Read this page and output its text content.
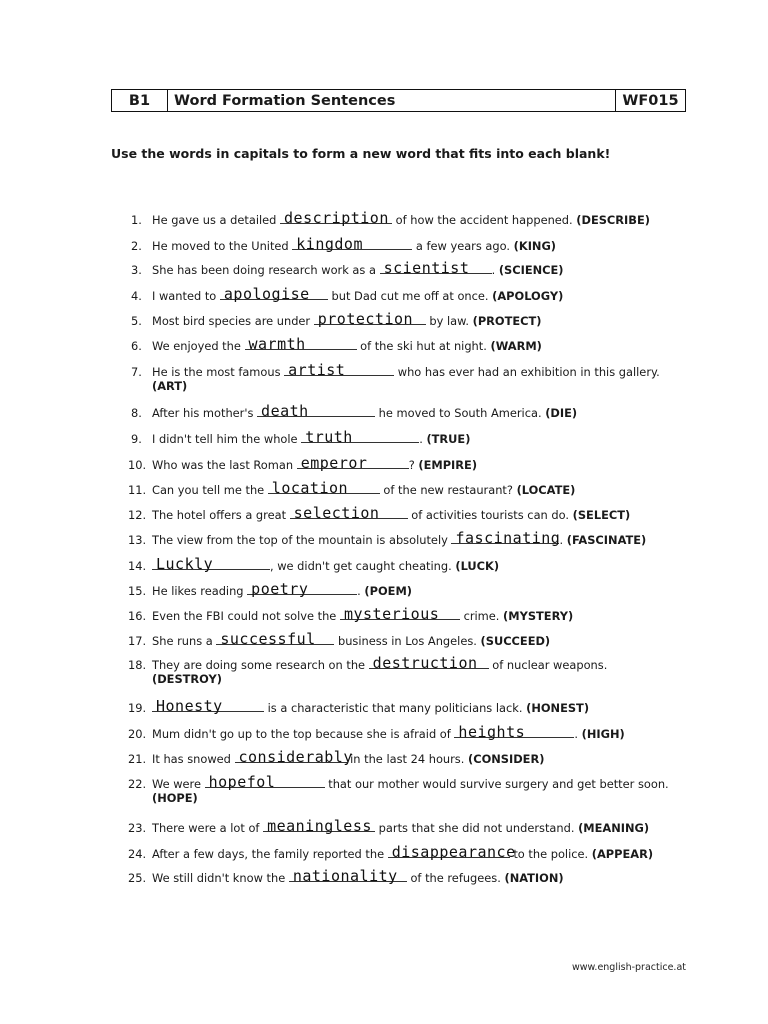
B1	Word Formation Sentences	WF015
Use the words in capitals to form a new word that fits into each blank!
1. He gave us a detailed description of how the accident happened. (DESCRIBE)
2. He moved to the United kingdom	a few years ago. (KING)
3. She has been doing research work as a scientist . (SCIENCE)
4. I wanted to apologise but Dad cut me off at once. (APOLOGY)
5. Most bird species are under protection by law. (PROTECT)
6. We enjoyed the warmth	of the ski hut at night. (WARM)
7. He is the most famous artist	who has ever had an exhibition in this gallery.
(ART)
8. After his mother's death	he moved to South America. (DIE)
9. I didn't tell him the whole truth	. (TRUE)
10. Who was the last Roman emperor	? (EMPIRE)
11. Can you tell me the location	of the new restaurant? (LOCATE)
12. The hotel offers a great selection of activities tourists can do. (SELECT)
13. The view from the top of the mountain is absolutely fascinating . (FASCINATE)
14. Luckly	, we didn't get caught cheating. (LUCK)
15. He likes reading poetry	. (POEM)
16. Even the FBI could not solve the mysterious crime. (MYSTERY)
17. She runs a successful business in Los Angeles. (SUCCEED)
18. They are doing some research on the destruction of nuclear weapons.
(DESTROY)
19. Honesty	is a characteristic that many politicians lack. (HONEST)
20. Mum didn't go up to the top because she is afraid of heights	. (HIGH)
21. It has snowed considerably
in the last 24 hours. (CONSIDER)
22. We were hopefol	that our mother would survive surgery and get better soon.
(HOPE)
23. There were a lot of meaningless parts that she did not understand. (MEANING)
24. After a few days, the family reported the disappearance
to the police. (APPEAR)
25. We still didn't know the nationality of the refugees. (NATION)
www.english-practice.at
